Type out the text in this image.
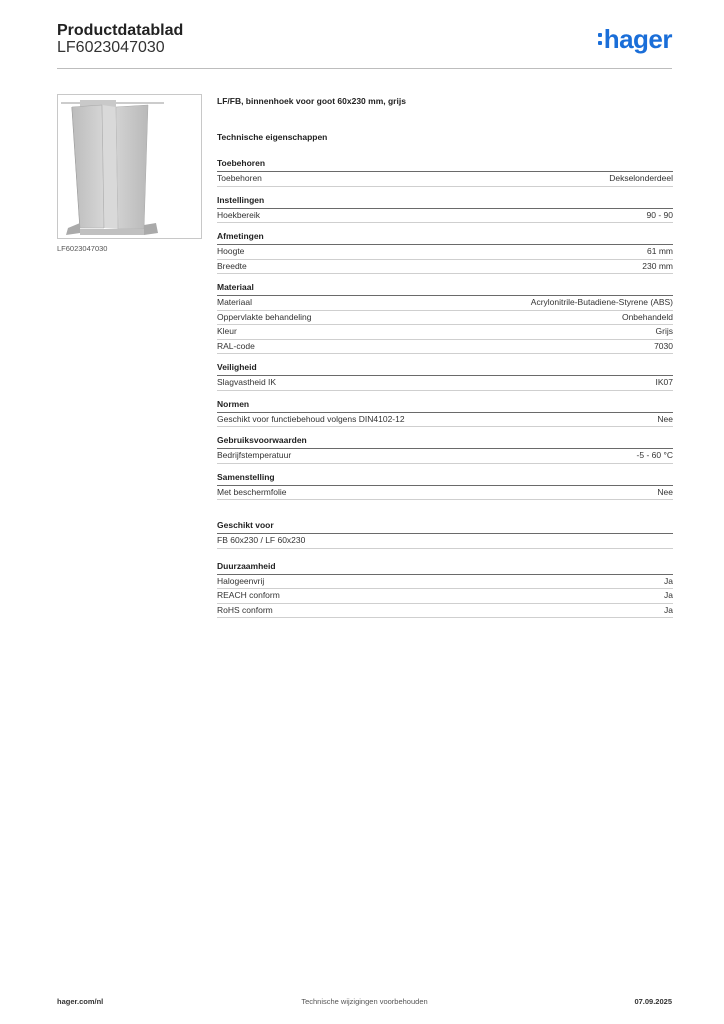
Productdatablad
LF6023047030	hager
LF6023047030
LF/FB, binnenhoek voor goot 60x230 mm, grijs
Technische eigenschappen
Toebehoren
Toebehoren	Dekselonderdeel
Instellingen
Hoekbereik	90 - 90
Afmetingen
Hoogte	61 mm
Breedte	230 mm
Materiaal
Materiaal	Acrylonitrile-Butadiene-Styrene (ABS)
Oppervlakte behandeling	Onbehandeld
Kleur	Grijs
RAL-code	7030
Veiligheid
Slagvastheid IK	IK07
Normen
Geschikt voor functiebehoud volgens DIN4102-12	Nee
Gebruiksvoorwaarden
Bedrijfstemperatuur	-5 - 60 °C
Samenstelling
Met beschermfolie	Nee
Geschikt voor
FB 60x230 / LF 60x230
Duurzaamheid
Halogeenvrij	Ja
REACH conform	Ja
RoHS conform	Ja
hager.com/nl	Technische wijzigingen voorbehouden	07.09.2025
